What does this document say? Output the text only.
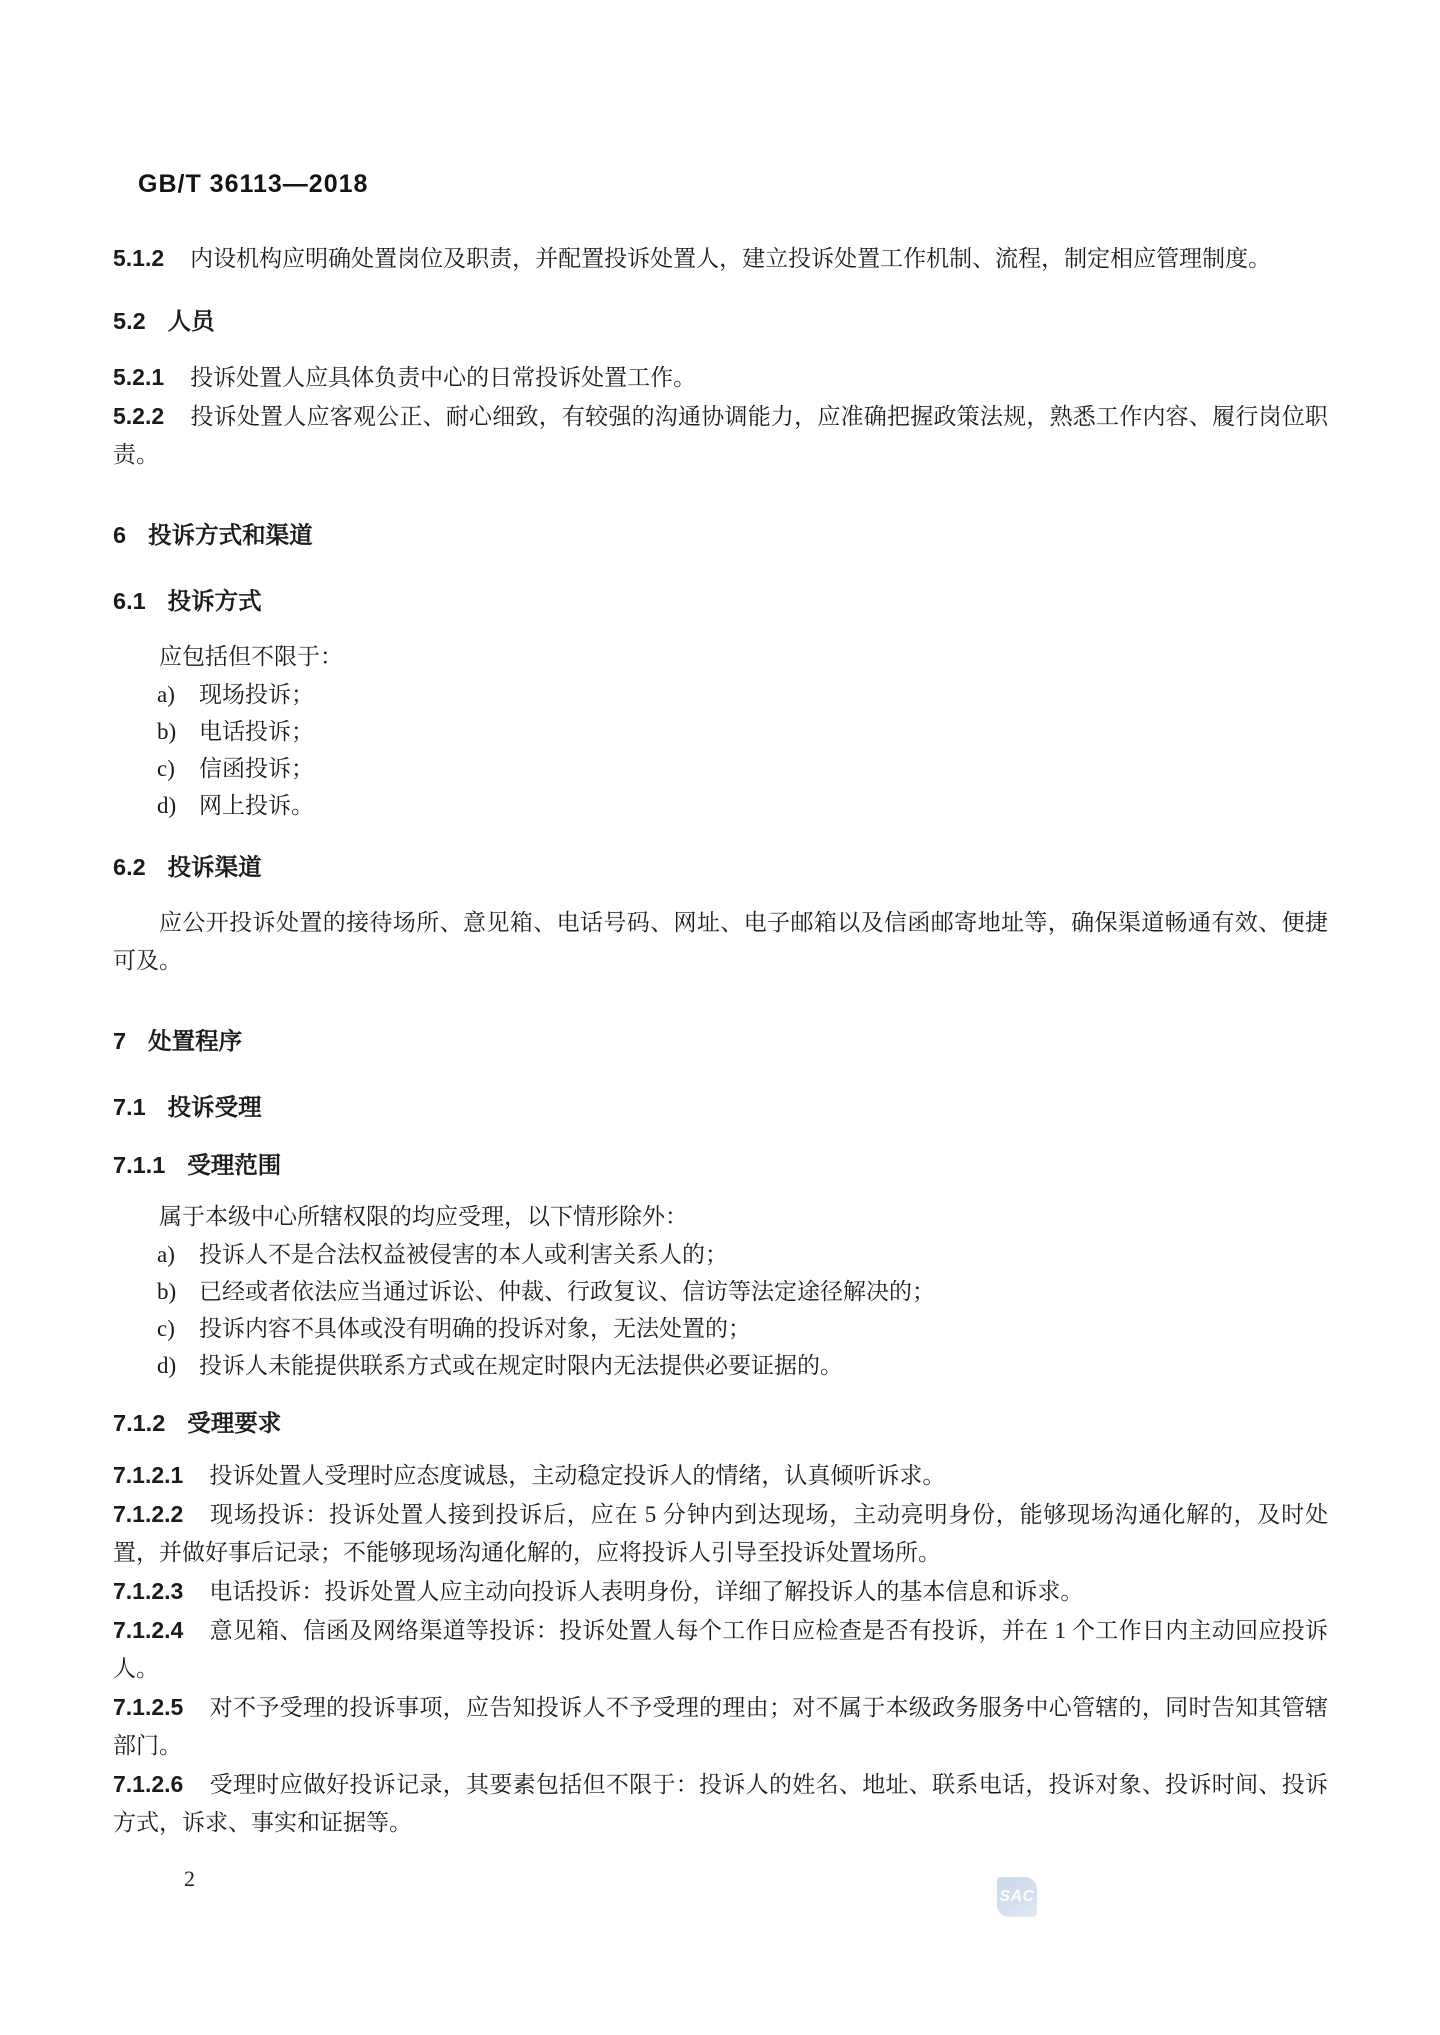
GB/T 36113—2018

5.1.2 内设机构应明确处置岗位及职责，并配置投诉处置人，建立投诉处置工作机制、流程，制定相应管理制度。

5.2 人员

5.2.1 投诉处置人应具体负责中心的日常投诉处置工作。

5.2.2 投诉处置人应客观公正、耐心细致，有较强的沟通协调能力，应准确把握政策法规，熟悉工作内容、履行岗位职责。

6 投诉方式和渠道
6.1 投诉方式

应包括但不限于：

a) 现场投诉；
b) 电话投诉；
c) 信函投诉；
d) 网上投诉。
6.2 投诉渠道

应公开投诉处置的接待场所、意见箱、电话号码、网址、电子邮箱以及信函邮寄地址等，确保渠道畅通有效、便捷可及。

7 处置程序
7.1 投诉受理
7.1.1 受理范围

属于本级中心所辖权限的均应受理，以下情形除外：

a) 投诉人不是合法权益被侵害的本人或利害关系人的；
b) 已经或者依法应当通过诉讼、仲裁、行政复议、信访等法定途径解决的；
c) 投诉内容不具体或没有明确的投诉对象，无法处置的；
d) 投诉人未能提供联系方式或在规定时限内无法提供必要证据的。
7.1.2 受理要求

7.1.2.1 投诉处置人受理时应态度诚恳，主动稳定投诉人的情绪，认真倾听诉求。

7.1.2.2 现场投诉：投诉处置人接到投诉后，应在 5 分钟内到达现场，主动亮明身份，能够现场沟通化解的，及时处置，并做好事后记录；不能够现场沟通化解的，应将投诉人引导至投诉处置场所。

7.1.2.3 电话投诉：投诉处置人应主动向投诉人表明身份，详细了解投诉人的基本信息和诉求。

7.1.2.4 意见箱、信函及网络渠道等投诉：投诉处置人每个工作日应检查是否有投诉，并在 1 个工作日内主动回应投诉人。

7.1.2.5 对不予受理的投诉事项，应告知投诉人不予受理的理由；对不属于本级政务服务中心管辖的，同时告知其管辖部门。

7.1.2.6 受理时应做好投诉记录，其要素包括但不限于：投诉人的姓名、地址、联系电话，投诉对象、投诉时间、投诉方式，诉求、事实和证据等。

2
SAC
